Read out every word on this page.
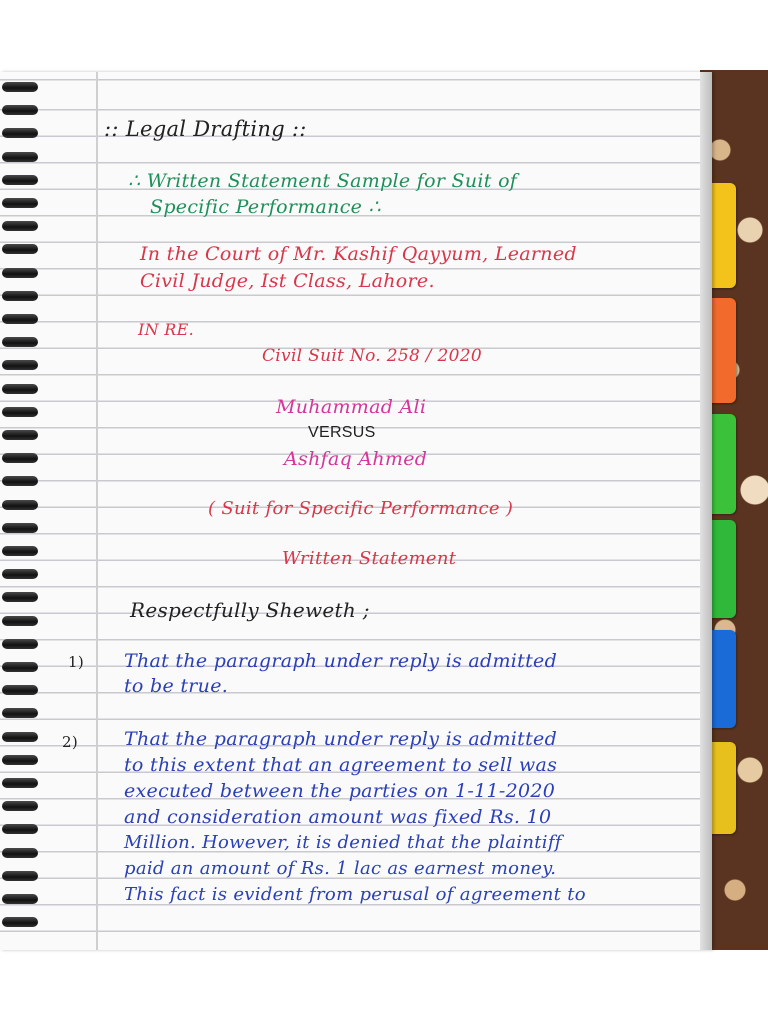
:: Legal Drafting ::
∴ Written Statement Sample for Suit of
Specific Performance ∴
In the Court of Mr. Kashif Qayyum, Learned
Civil Judge, Ist Class, Lahore.
IN RE.
Civil Suit No. 258 / 2020
Muhammad Ali
VERSUS
Ashfaq Ahmed
( Suit for Specific Performance )
Written Statement
Respectfully Sheweth ;
1) That the paragraph under reply is admitted
to be true.
2) That the paragraph under reply is admitted
to this extent that an agreement to sell was
executed between the parties on 1-11-2020
and consideration amount was fixed Rs. 10
Million. However, it is denied that the plaintiff
paid an amount of Rs. 1 lac as earnest money.
This fact is evident from perusal of agreement to
